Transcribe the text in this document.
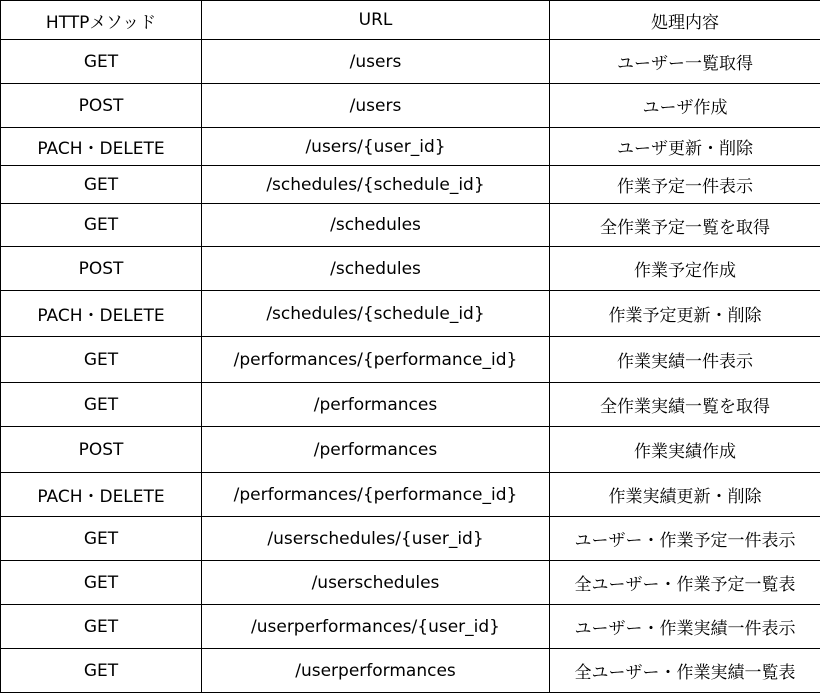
HTTPメソッド	URL	処理内容
GET	/users	ユーザー一覧取得
POST	/users	ユーザ作成
PACH・DELETE	/users/{user_id}	ユーザ更新・削除
GET	/schedules/{schedule_id}	作業予定一件表示
GET	/schedules	全作業予定一覧を取得
POST	/schedules	作業予定作成
PACH・DELETE	/schedules/{schedule_id}	作業予定更新・削除
GET	/performances/{performance_id}	作業実績一件表示
GET	/performances	全作業実績一覧を取得
POST	/performances	作業実績作成
PACH・DELETE	/performances/{performance_id}	作業実績更新・削除
GET	/userschedules/{user_id}	ユーザー・作業予定一件表示
GET	/userschedules	全ユーザー・作業予定一覧表
GET	/userperformances/{user_id}	ユーザー・作業実績一件表示
GET	/userperformances	全ユーザー・作業実績一覧表
